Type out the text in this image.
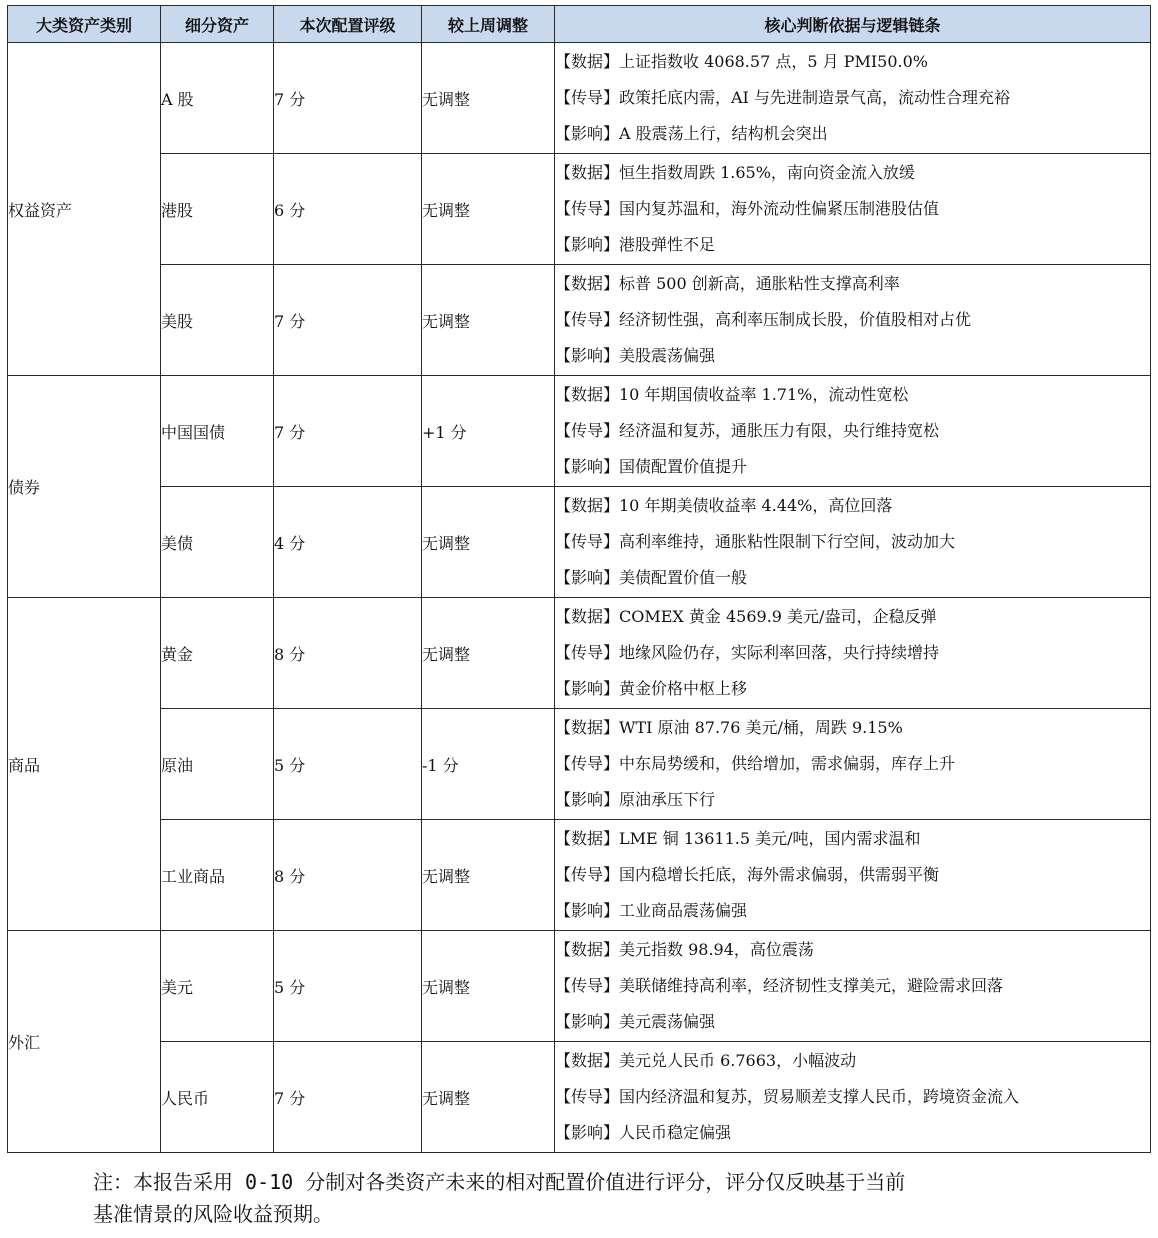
大类资产类别	细分资产	本次配置评级	较上周调整	核心判断依据与逻辑链条
权益资产	A 股	7 分	无调整	【数据】上证指数收 4068.57 点，5 月 PMI50.0%
【传导】政策托底内需，AI 与先进制造景气高，流动性合理充裕
【影响】A 股震荡上行，结构机会突出

	港股	6 分	无调整	【数据】恒生指数周跌 1.65%，南向资金流入放缓
【传导】国内复苏温和，海外流动性偏紧压制港股估值
【影响】港股弹性不足

	美股	7 分	无调整	【数据】标普 500 创新高，通胀粘性支撑高利率
【传导】经济韧性强，高利率压制成长股，价值股相对占优
【影响】美股震荡偏强

债券	中国国债	7 分	+1 分	【数据】10 年期国债收益率 1.71%，流动性宽松
【传导】经济温和复苏，通胀压力有限，央行维持宽松
【影响】国债配置价值提升

	美债	4 分	无调整	【数据】10 年期美债收益率 4.44%，高位回落
【传导】高利率维持，通胀粘性限制下行空间，波动加大
【影响】美债配置价值一般

商品	黄金	8 分	无调整	【数据】COMEX 黄金 4569.9 美元/盎司，企稳反弹
【传导】地缘风险仍存，实际利率回落，央行持续增持
【影响】黄金价格中枢上移

	原油	5 分	-1 分	【数据】WTI 原油 87.76 美元/桶，周跌 9.15%
【传导】中东局势缓和，供给增加，需求偏弱，库存上升
【影响】原油承压下行

	工业商品	8 分	无调整	【数据】LME 铜 13611.5 美元/吨，国内需求温和
【传导】国内稳增长托底，海外需求偏弱，供需弱平衡
【影响】工业商品震荡偏强

外汇	美元	5 分	无调整	【数据】美元指数 98.94，高位震荡
【传导】美联储维持高利率，经济韧性支撑美元，避险需求回落
【影响】美元震荡偏强

	人民币	7 分	无调整	【数据】美元兑人民币 6.7663，小幅波动
【传导】国内经济温和复苏，贸易顺差支撑人民币，跨境资金流入
【影响】人民币稳定偏强
注：本报告采用 0-10 分制对各类资产未来的相对配置价值进行评分，评分仅反映基于当前
基准情景的风险收益预期。
